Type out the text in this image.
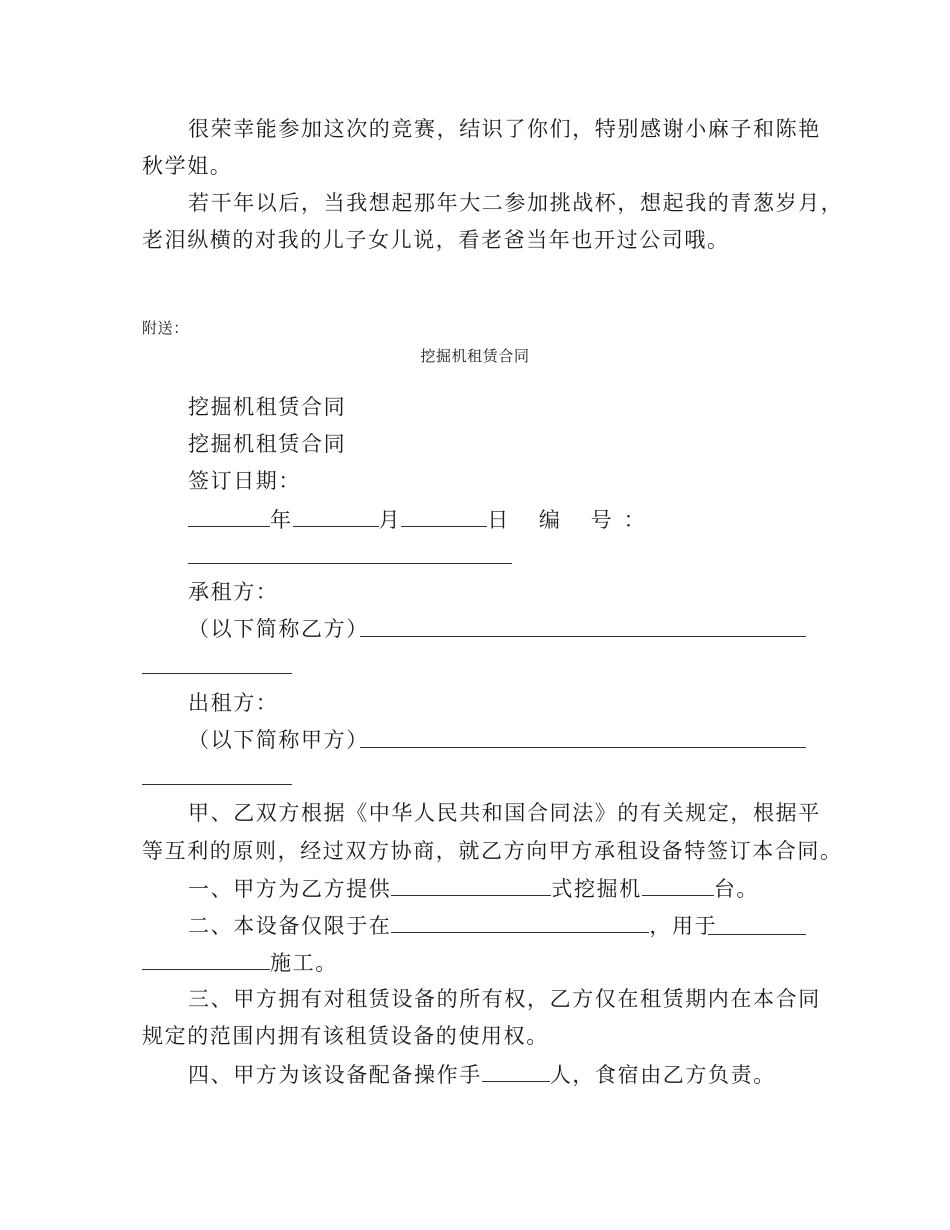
很荣幸能参加这次的竞赛，结识了你们，特别感谢小麻子和陈艳
秋学姐。
若干年以后，当我想起那年大二参加挑战杯，想起我的青葱岁月，
老泪纵横的对我的儿子女儿说，看老爸当年也开过公司哦。
附送：
挖掘机租赁合同
挖掘机租赁合同
挖掘机租赁合同
签订日期：
年	月	日 编 号：
承租方：
（以下简称乙方）
出租方：
（以下简称甲方）
甲、乙双方根据《中华人民共和国合同法》的有关规定，根据平
等互利的原则，经过双方协商，就乙方向甲方承租设备特签订本合同。
一、甲方为乙方提供	式挖掘机	台。
二、本设备仅限于在	，用于
施工。
三、甲方拥有对租赁设备的所有权，乙方仅在租赁期内在本合同
规定的范围内拥有该租赁设备的使用权。
四、甲方为该设备配备操作手	人，食宿由乙方负责。
